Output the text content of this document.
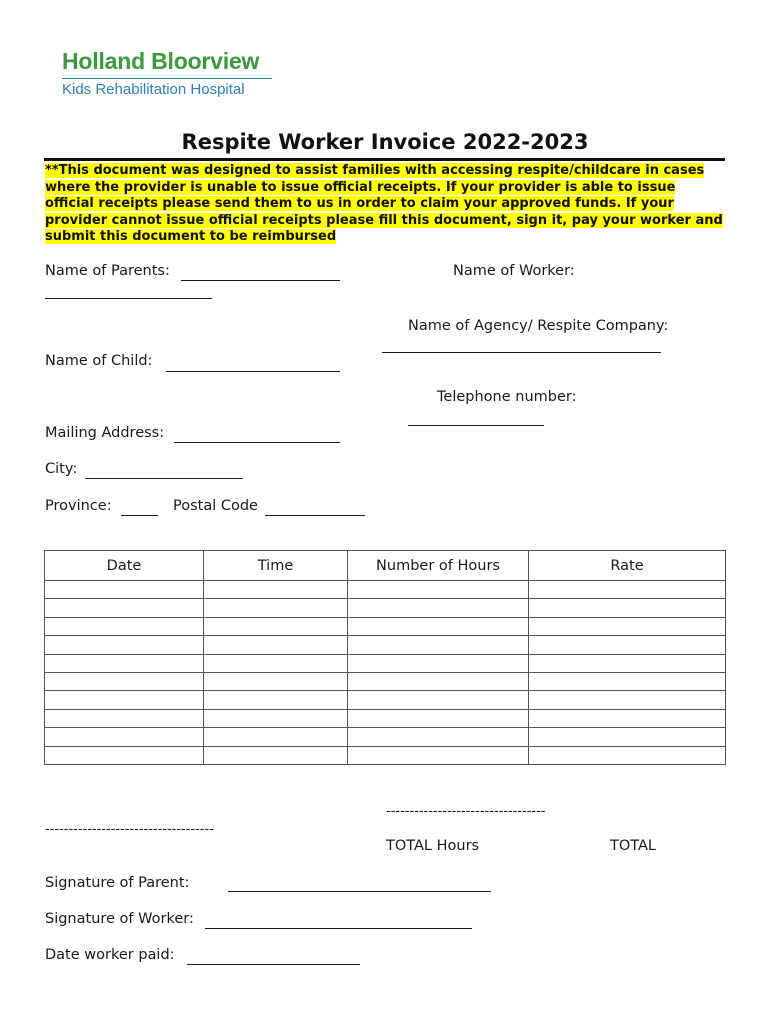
Holland Bloorview
Kids Rehabilitation Hospital
Respite Worker Invoice 2022-2023
**This document was designed to assist families with accessing respite/childcare in cases where the provider is unable to issue official receipts. If your provider is able to issue official receipts please send them to us in order to claim your approved funds. If your provider cannot issue official receipts please fill this document, sign it, pay your worker and submit this document to be reimbursed
Name of Parents:
Name of Child:
Mailing Address:
City:
Province:	Postal Code
Name of Worker:
Name of Agency/ Respite Company:
Telephone number:
Date	Time	Number of Hours	Rate

----------------------------------
------------------------------------
TOTAL Hours	TOTAL
Signature of Parent:
Signature of Worker:
Date worker paid:
